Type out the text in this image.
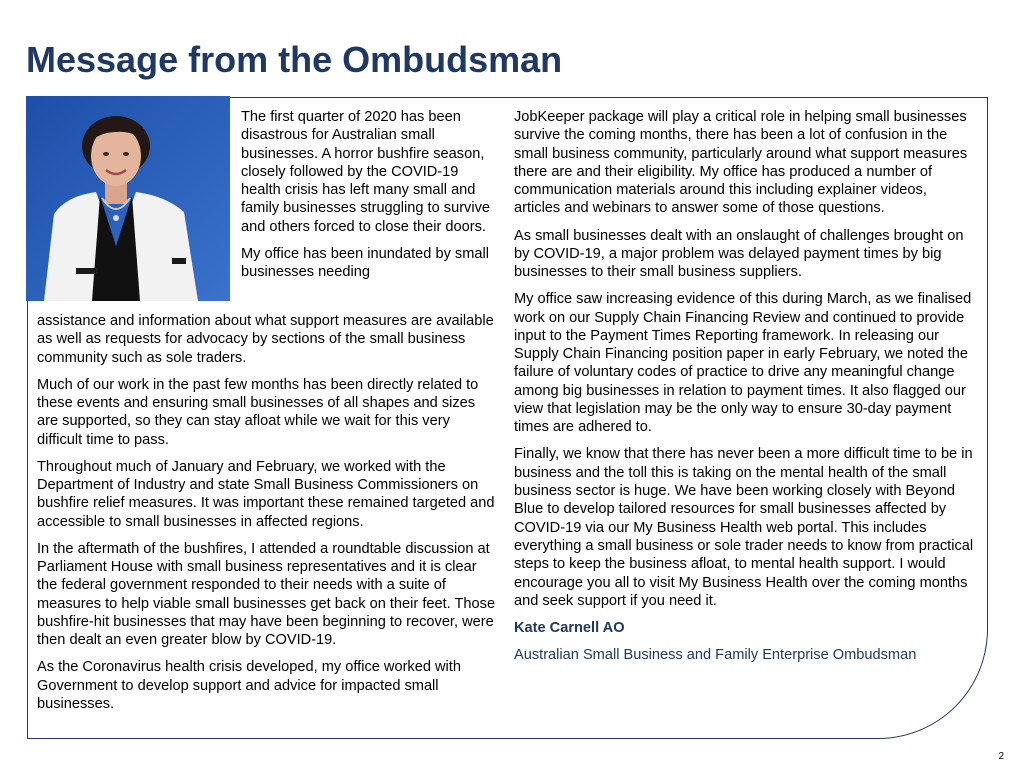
Message from the Ombudsman

The first quarter of 2020 has been disastrous for Australian small businesses. A horror bushfire season, closely followed by the COVID-19 health crisis has left many small and family businesses struggling to survive and others forced to close their doors.

My office has been inundated by small businesses needing

assistance and information about what support measures are available as well as requests for advocacy by sections of the small business community such as sole traders.

Much of our work in the past few months has been directly related to these events and ensuring small businesses of all shapes and sizes are supported, so they can stay afloat while we wait for this very difficult time to pass.

Throughout much of January and February, we worked with the Department of Industry and state Small Business Commissioners on bushfire relief measures. It was important these remained targeted and accessible to small businesses in affected regions.

In the aftermath of the bushfires, I attended a roundtable discussion at Parliament House with small business representatives and it is clear the federal government responded to their needs with a suite of measures to help viable small businesses get back on their feet. Those bushfire-hit businesses that may have been beginning to recover, were then dealt an even greater blow by COVID-19.

As the Coronavirus health crisis developed, my office worked with Government to develop support and advice for impacted small businesses.

JobKeeper package will play a critical role in helping small businesses survive the coming months, there has been a lot of confusion in the small business community, particularly around what support measures there are and their eligibility. My office has produced a number of communication materials around this including explainer videos, articles and webinars to answer some of those questions.

As small businesses dealt with an onslaught of challenges brought on by COVID-19, a major problem was delayed payment times by big businesses to their small business suppliers.

My office saw increasing evidence of this during March, as we finalised work on our Supply Chain Financing Review and continued to provide input to the Payment Times Reporting framework. In releasing our Supply Chain Financing position paper in early February, we noted the failure of voluntary codes of practice to drive any meaningful change among big businesses in relation to payment times. It also flagged our view that legislation may be the only way to ensure 30-day payment times are adhered to.

Finally, we know that there has never been a more difficult time to be in business and the toll this is taking on the mental health of the small business sector is huge. We have been working closely with Beyond Blue to develop tailored resources for small businesses affected by COVID-19 via our My Business Health web portal. This includes everything a small business or sole trader needs to know from practical steps to keep the business afloat, to mental health support. I would encourage you all to visit My Business Health over the coming months and seek support if you need it.

Kate Carnell AO

Australian Small Business and Family Enterprise Ombudsman

2
